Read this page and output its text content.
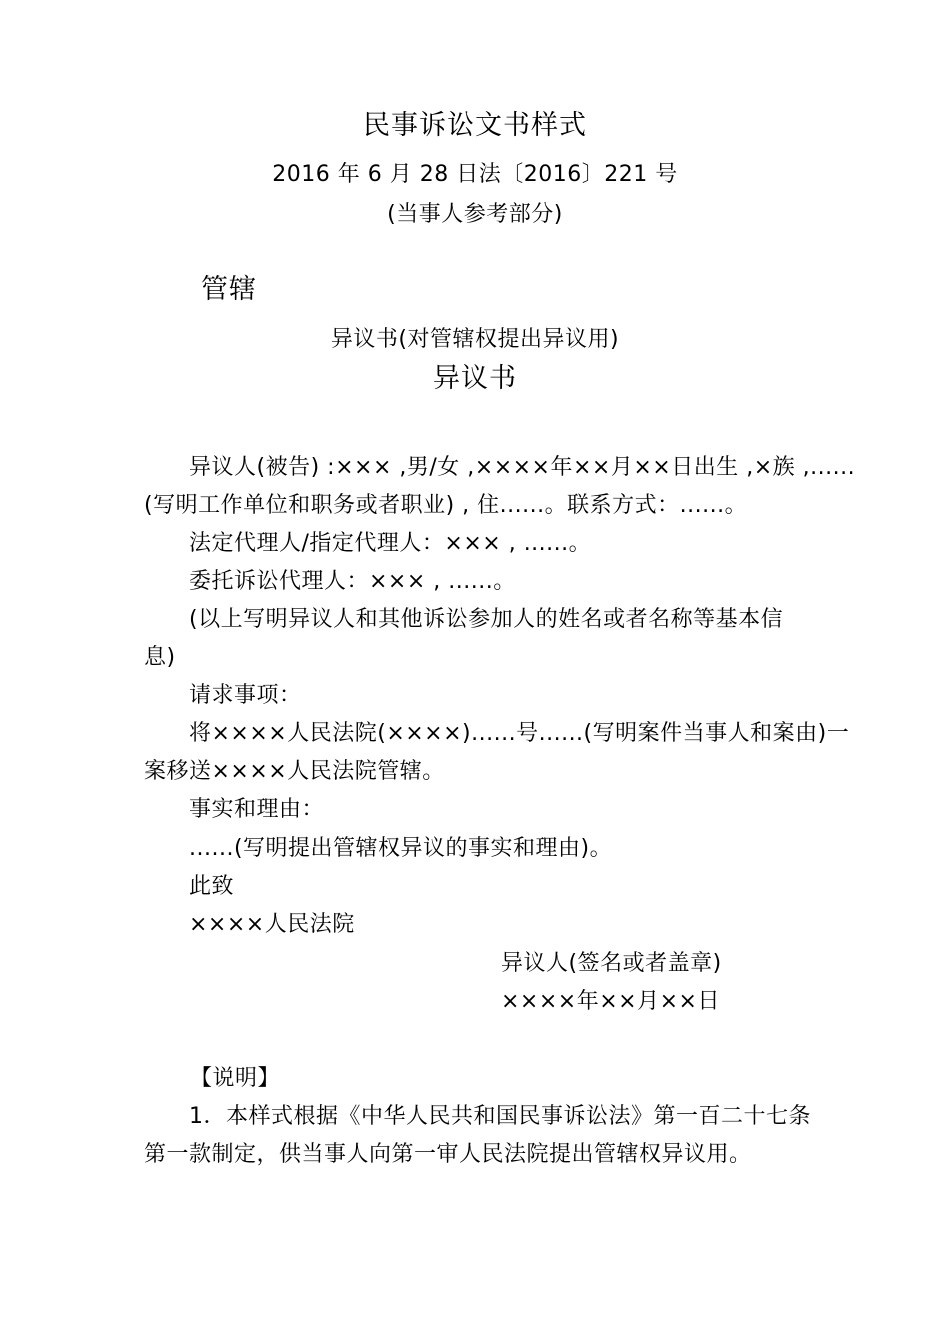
民事诉讼文书样式
2016 年 6 月 28 日法〔2016〕221 号
(当事人参考部分)
管辖
异议书(对管辖权提出异议用)
异议书
异议人(被告) :××× ,男/女 ,××××年××月××日出生 ,×族 ,......
(写明工作单位和职务或者职业) , 住......。联系方式：......。
法定代理人/指定代理人：××× , ......。
委托诉讼代理人：××× , ......。
(以上写明异议人和其他诉讼参加人的姓名或者名称等基本信
息)
请求事项：
将××××人民法院(××××)......号......(写明案件当事人和案由)一
案移送××××人民法院管辖。
事实和理由：
......(写明提出管辖权异议的事实和理由)。
此致
××××人民法院
异议人(签名或者盖章)
××××年××月××日
【说明】
1．本样式根据《中华人民共和国民事诉讼法》第一百二十七条
第一款制定，供当事人向第一审人民法院提出管辖权异议用。
